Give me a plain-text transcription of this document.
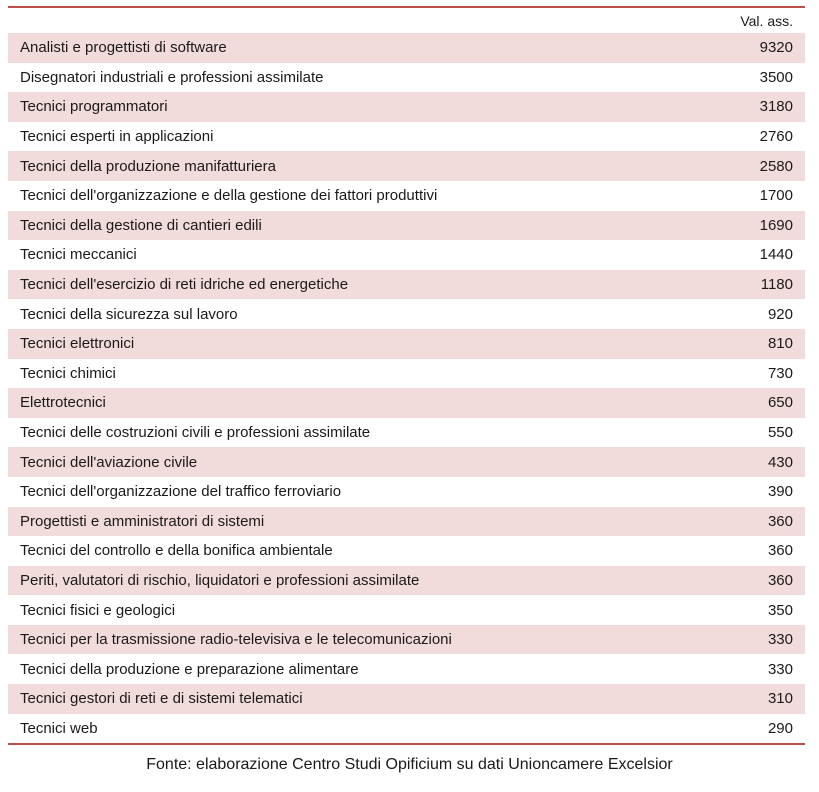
Val. ass.
Analisti e progettisti di software	9320
Disegnatori industriali e professioni assimilate	3500
Tecnici programmatori	3180
Tecnici esperti in applicazioni	2760
Tecnici della produzione manifatturiera	2580
Tecnici dell'organizzazione e della gestione dei fattori produttivi	1700
Tecnici della gestione di cantieri edili	1690
Tecnici meccanici	1440
Tecnici dell'esercizio di reti idriche ed energetiche	1180
Tecnici della sicurezza sul lavoro	920
Tecnici elettronici	810
Tecnici chimici	730
Elettrotecnici	650
Tecnici delle costruzioni civili e professioni assimilate	550
Tecnici dell'aviazione civile	430
Tecnici dell'organizzazione del traffico ferroviario	390
Progettisti e amministratori di sistemi	360
Tecnici del controllo e della bonifica ambientale	360
Periti, valutatori di rischio, liquidatori e professioni assimilate	360
Tecnici fisici e geologici	350
Tecnici per la trasmissione radio-televisiva e le telecomunicazioni	330
Tecnici della produzione e preparazione alimentare	330
Tecnici gestori di reti e di sistemi telematici	310
Tecnici web	290
Fonte: elaborazione Centro Studi Opificium su dati Unioncamere Excelsior
